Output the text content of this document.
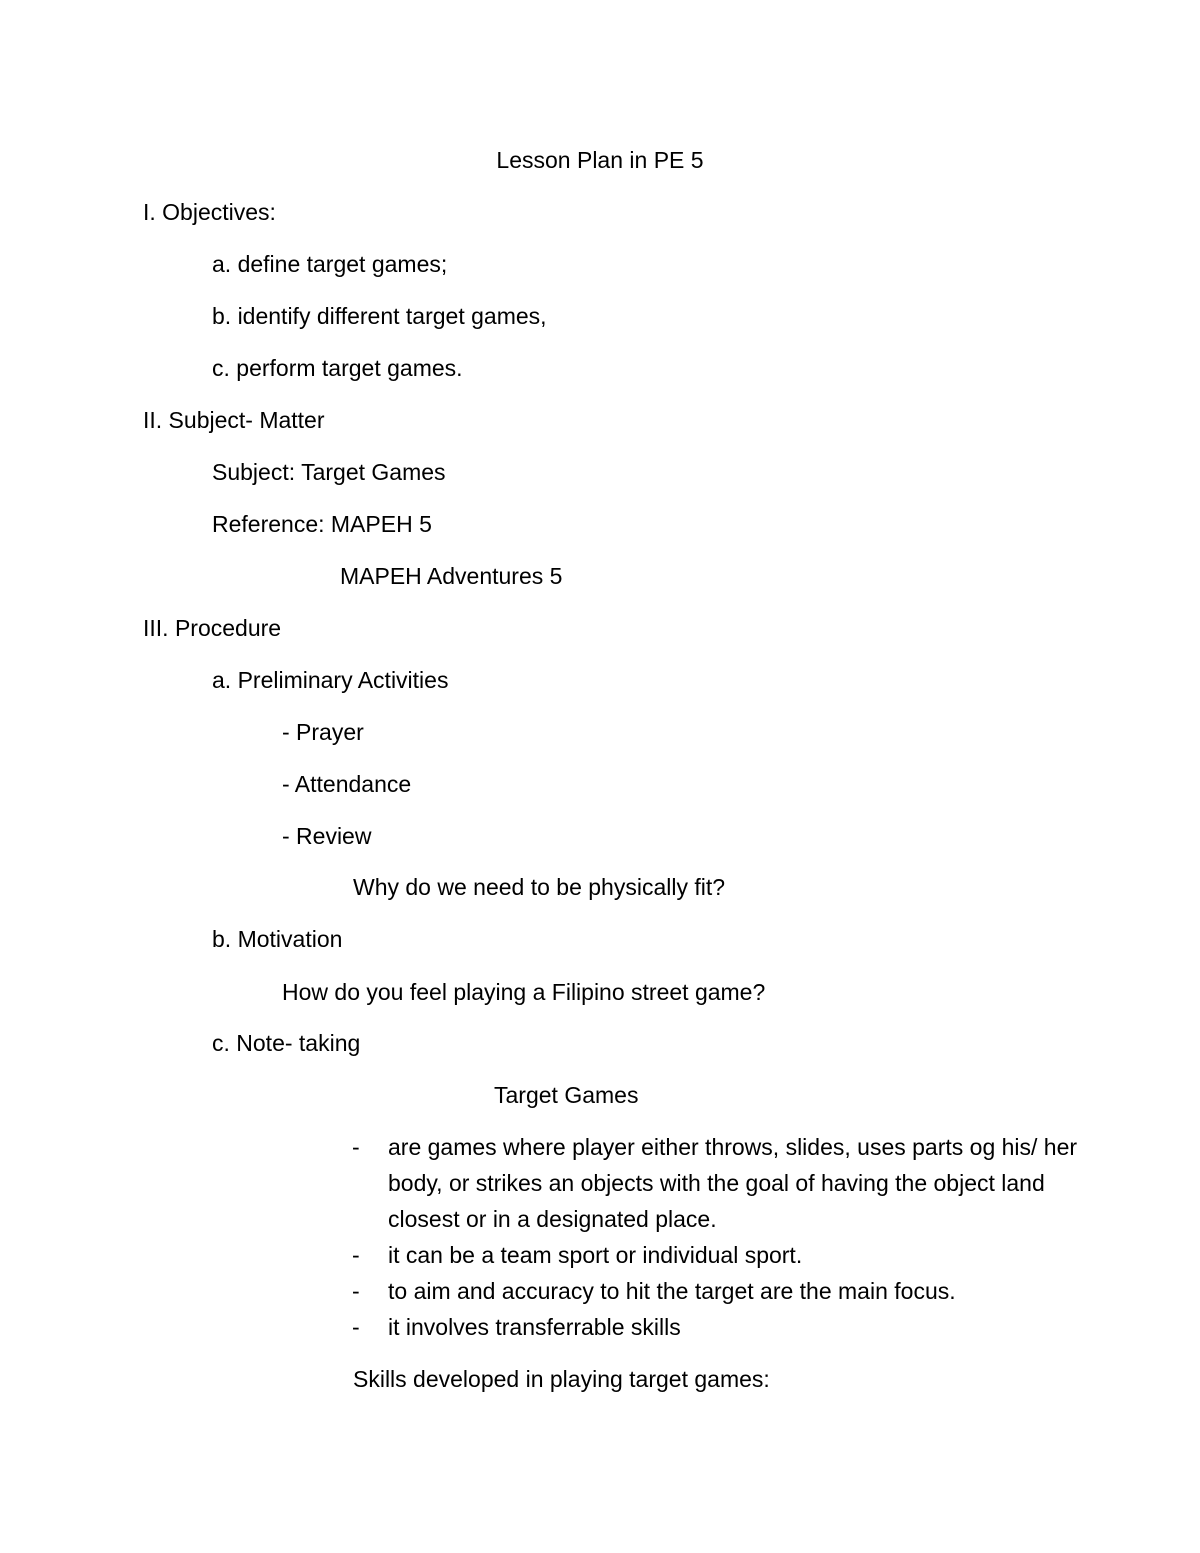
Lesson Plan in PE 5
I. Objectives:
a. define target games;
b. identify different target games,
c. perform target games.
II. Subject- Matter
Subject: Target Games
Reference: MAPEH 5
MAPEH Adventures 5
III. Procedure
a. Preliminary Activities
- Prayer
- Attendance
- Review
Why do we need to be physically fit?
b. Motivation
How do you feel playing a Filipino street game?
c. Note- taking
Target Games
- are games where player either throws, slides, uses parts og his/ her body, or strikes an objects with the goal of having the object land closest or in a designated place.
- it can be a team sport or individual sport.
- to aim and accuracy to hit the target are the main focus.
- it involves transferrable skills
Skills developed in playing target games:
